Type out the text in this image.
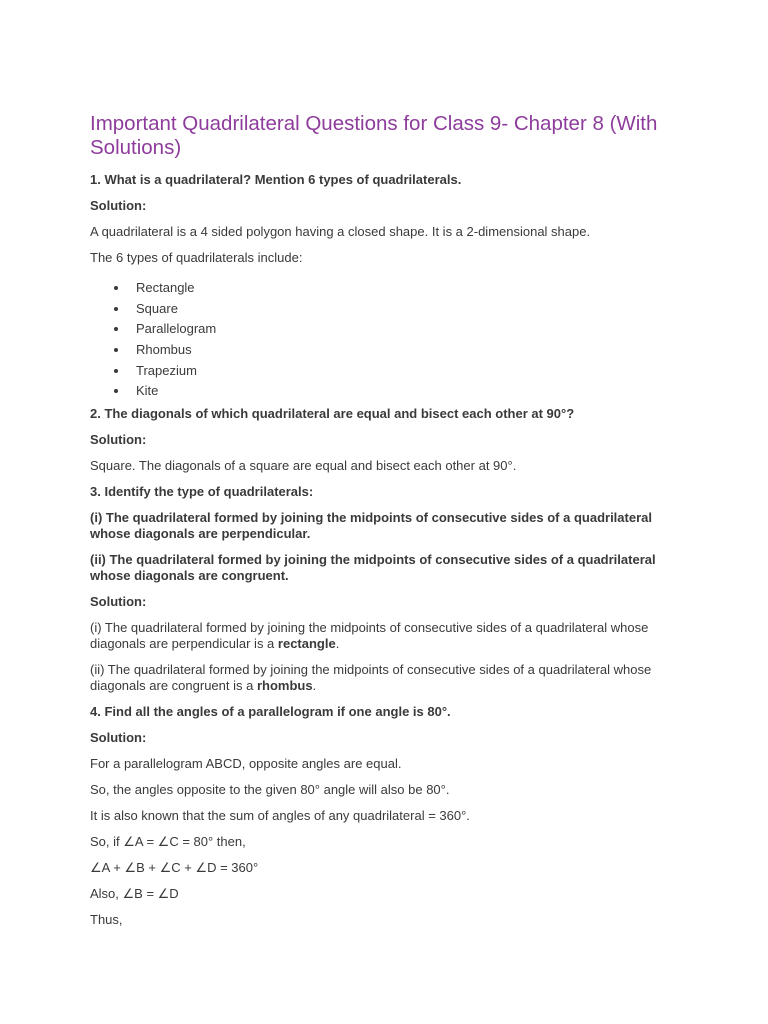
Important Quadrilateral Questions for Class 9- Chapter 8 (With Solutions)
1. What is a quadrilateral? Mention 6 types of quadrilaterals.
Solution:
A quadrilateral is a 4 sided polygon having a closed shape. It is a 2-dimensional shape.
The 6 types of quadrilaterals include:
Rectangle
Square
Parallelogram
Rhombus
Trapezium
Kite
2. The diagonals of which quadrilateral are equal and bisect each other at 90°?
Solution:
Square. The diagonals of a square are equal and bisect each other at 90°.
3. Identify the type of quadrilaterals:
(i) The quadrilateral formed by joining the midpoints of consecutive sides of a quadrilateral whose diagonals are perpendicular.
(ii) The quadrilateral formed by joining the midpoints of consecutive sides of a quadrilateral whose diagonals are congruent.
Solution:
(i) The quadrilateral formed by joining the midpoints of consecutive sides of a quadrilateral whose diagonals are perpendicular is a rectangle.
(ii) The quadrilateral formed by joining the midpoints of consecutive sides of a quadrilateral whose diagonals are congruent is a rhombus.
4. Find all the angles of a parallelogram if one angle is 80°.
Solution:
For a parallelogram ABCD, opposite angles are equal.
So, the angles opposite to the given 80° angle will also be 80°.
It is also known that the sum of angles of any quadrilateral = 360°.
So, if ∠A = ∠C = 80° then,
∠A + ∠B + ∠C + ∠D = 360°
Also, ∠B = ∠D
Thus,
